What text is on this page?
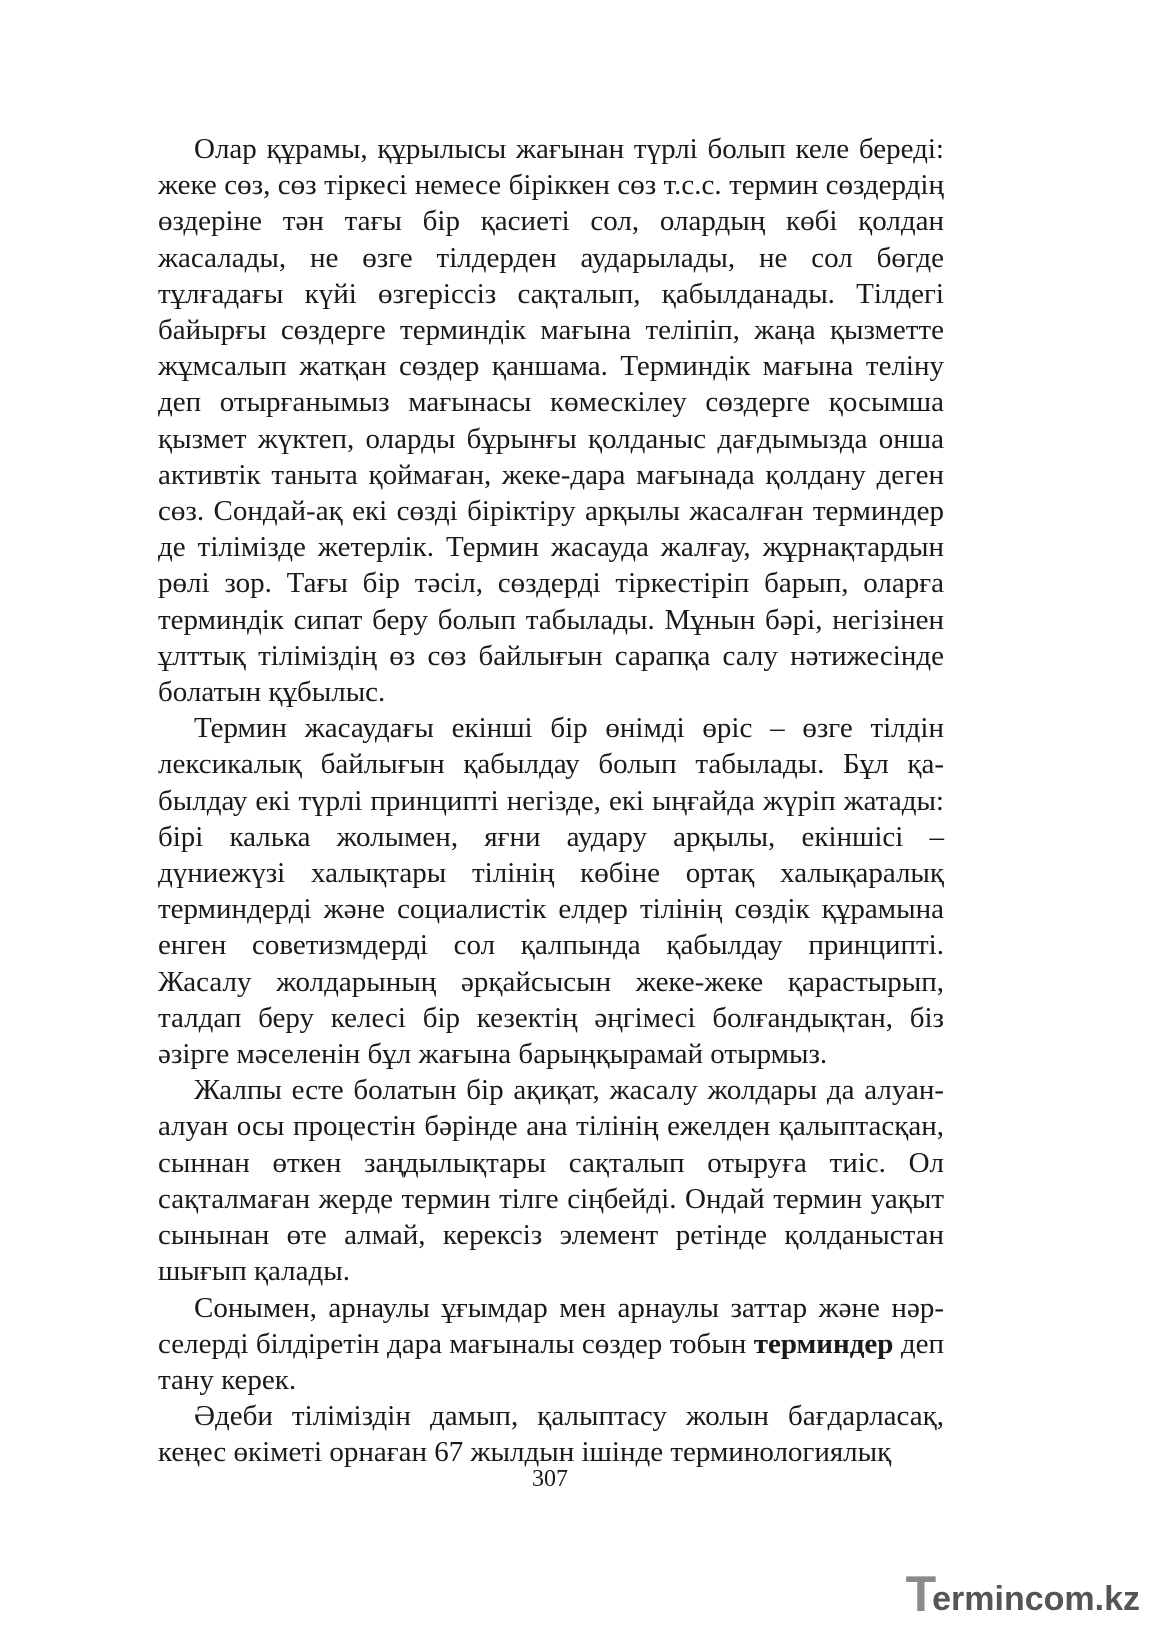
Олар құрамы, құрылысы жағынан түрлі болып келе береді: жеке сөз, сөз тіркесі немесе біріккен сөз т.с.с. термин сөздердің өздеріне тән тағы бір қасиеті сол, олардың көбі қолдан жасалады, не өзге тілдерден аударылады, не сол бөгде тұлғадағы күйі өзгеріссіз сақталып, қабылданады. Тілдегі байырғы сөздерге терминдік мағына теліпіп, жаңа қызметте жұмсалып жатқан сөздер қаншама. Терминдік мағына теліну деп отырғанымыз мағынасы көмескілеу сөздерге қосымша қызмет жүктеп, оларды бұрынғы қолданыс дағдымызда онша активтік танытa қоймаған, жеке-дара мағынада қолдану деген сөз. Сондай-ақ екі сөзді біріктіру арқылы жасалған терминдер де тілімізде жетерлік. Термин жасауда жалғау, жұрнақтардын рөлі зор. Тағы бір тәсіл, сөздерді тіркестіріп барып, оларға терминдік сипат беру болып табылады. Мұнын бәрі, негізінен ұлттық тіліміздің өз сөз байлығын сарапқа салу нәтижесінде болатын құбылыс.

Термин жасаудағы екінші бір өнімді өріс – өзге тілдін лексикалық байлығын қабылдау болып табылады. Бұл қабылдау екі түрлі принципті негізде, екі ыңғайда жүріп жатады: бірі калька жолымен, яғни аудару арқылы, екіншісі – дүниежүзі халықтары тілінің көбіне ортақ халықаралық терминдерді және социалистік елдер тілінің сөздік құрамына енген советизмдерді сол қалпында қабылдау принципті. Жасалу жолдарының әрқайсысын жеке-жеке қарастырып, талдап беру келесі бір кезектің әңгімесі болғандықтан, біз әзірге мәселенін бұл жағына барыңқырамай отырмыз.

Жалпы есте болатын бір ақиқат, жасалу жолдары да алуан-алуан осы процестін бәрінде ана тілінің ежелден қалыптасқан, сыннан өткен заңдылықтары сақталып отыруға тиіс. Ол сақталмаған жерде термин тілге сіңбейді. Ондай термин уақыт сынынан өте алмай, керексіз элемент ретінде қолданыстан шығып қалады.

Сонымен, арнаулы ұғымдар мен арнаулы заттар және нәрселерді білдіретін дара мағыналы сөздер тобын терминдер деп тану керек.

Әдеби тіліміздін дамып, қалыптасу жолын бағдарласақ, кеңес өкіметі орнаған 67 жылдын ішінде терминологиялық

307
T
ermincom.kz
